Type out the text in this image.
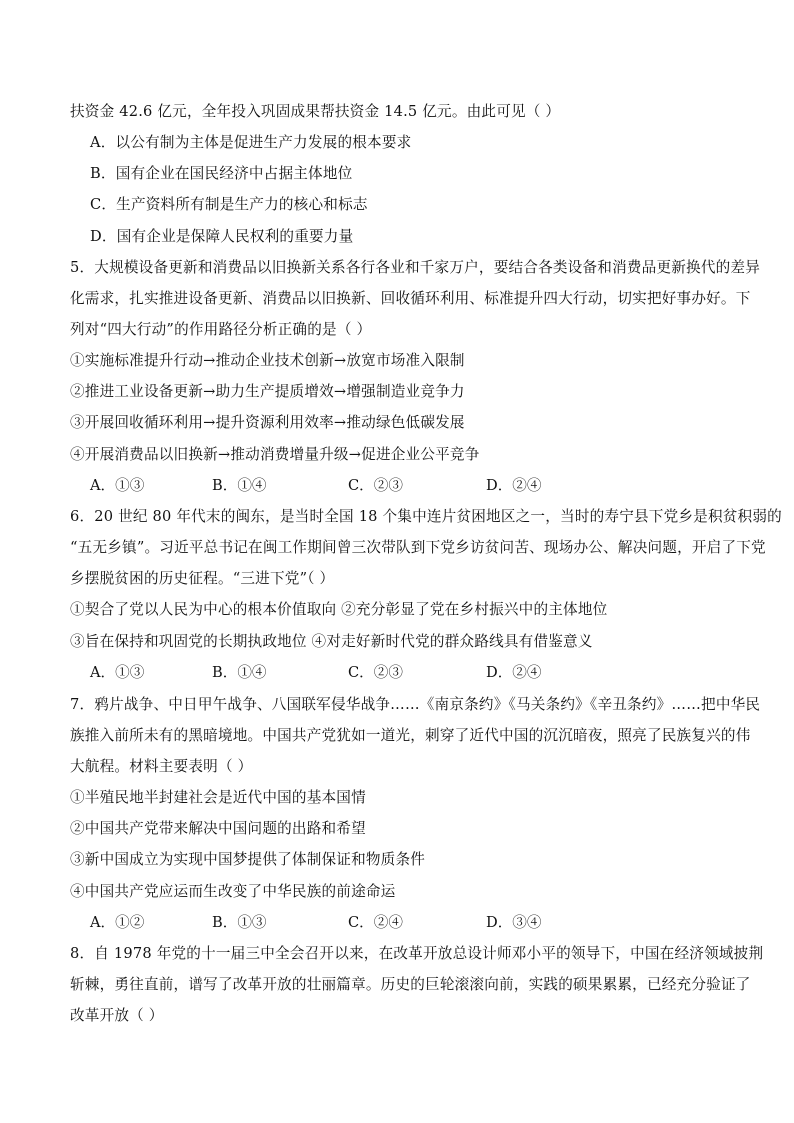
扶资金 42.6 亿元，全年投入巩固成果帮扶资金 14.5 亿元。由此可见（ ）
A．以公有制为主体是促进生产力发展的根本要求
B．国有企业在国民经济中占据主体地位
C．生产资料所有制是生产力的核心和标志
D．国有企业是保障人民权利的重要力量
5．大规模设备更新和消费品以旧换新关系各行各业和千家万户，要结合各类设备和消费品更新换代的差异
化需求，扎实推进设备更新、消费品以旧换新、回收循环利用、标准提升四大行动，切实把好事办好。下
列对“四大行动”的作用路径分析正确的是（ ）
①实施标准提升行动→推动企业技术创新→放宽市场准入限制
②推进工业设备更新→助力生产提质增效→增强制造业竞争力
③开展回收循环利用→提升资源利用效率→推动绿色低碳发展
④开展消费品以旧换新→推动消费增量升级→促进企业公平竞争
A．①③	B．①④	C．②③	D．②④
6．20 世纪 80 年代末的闽东，是当时全国 18 个集中连片贫困地区之一，当时的寿宁县下党乡是积贫积弱的
“五无乡镇”。习近平总书记在闽工作期间曾三次带队到下党乡访贫问苦、现场办公、解决问题，开启了下党
乡摆脱贫困的历史征程。“三进下党”（ ）
①契合了党以人民为中心的根本价值取向 ②充分彰显了党在乡村振兴中的主体地位
③旨在保持和巩固党的长期执政地位 ④对走好新时代党的群众路线具有借鉴意义
A．①③	B．①④	C．②③	D．②④
7．鸦片战争、中日甲午战争、八国联军侵华战争……《南京条约》《马关条约》《辛丑条约》……把中华民
族推入前所未有的黑暗境地。中国共产党犹如一道光，刺穿了近代中国的沉沉暗夜，照亮了民族复兴的伟
大航程。材料主要表明（ ）
①半殖民地半封建社会是近代中国的基本国情
②中国共产党带来解决中国问题的出路和希望
③新中国成立为实现中国梦提供了体制保证和物质条件
④中国共产党应运而生改变了中华民族的前途命运
A．①②	B．①③	C．②④	D．③④
8．自 1978 年党的十一届三中全会召开以来，在改革开放总设计师邓小平的领导下，中国在经济领域披荆
斩棘，勇往直前，谱写了改革开放的壮丽篇章。历史的巨轮滚滚向前，实践的硕果累累，已经充分验证了
改革开放（ ）
